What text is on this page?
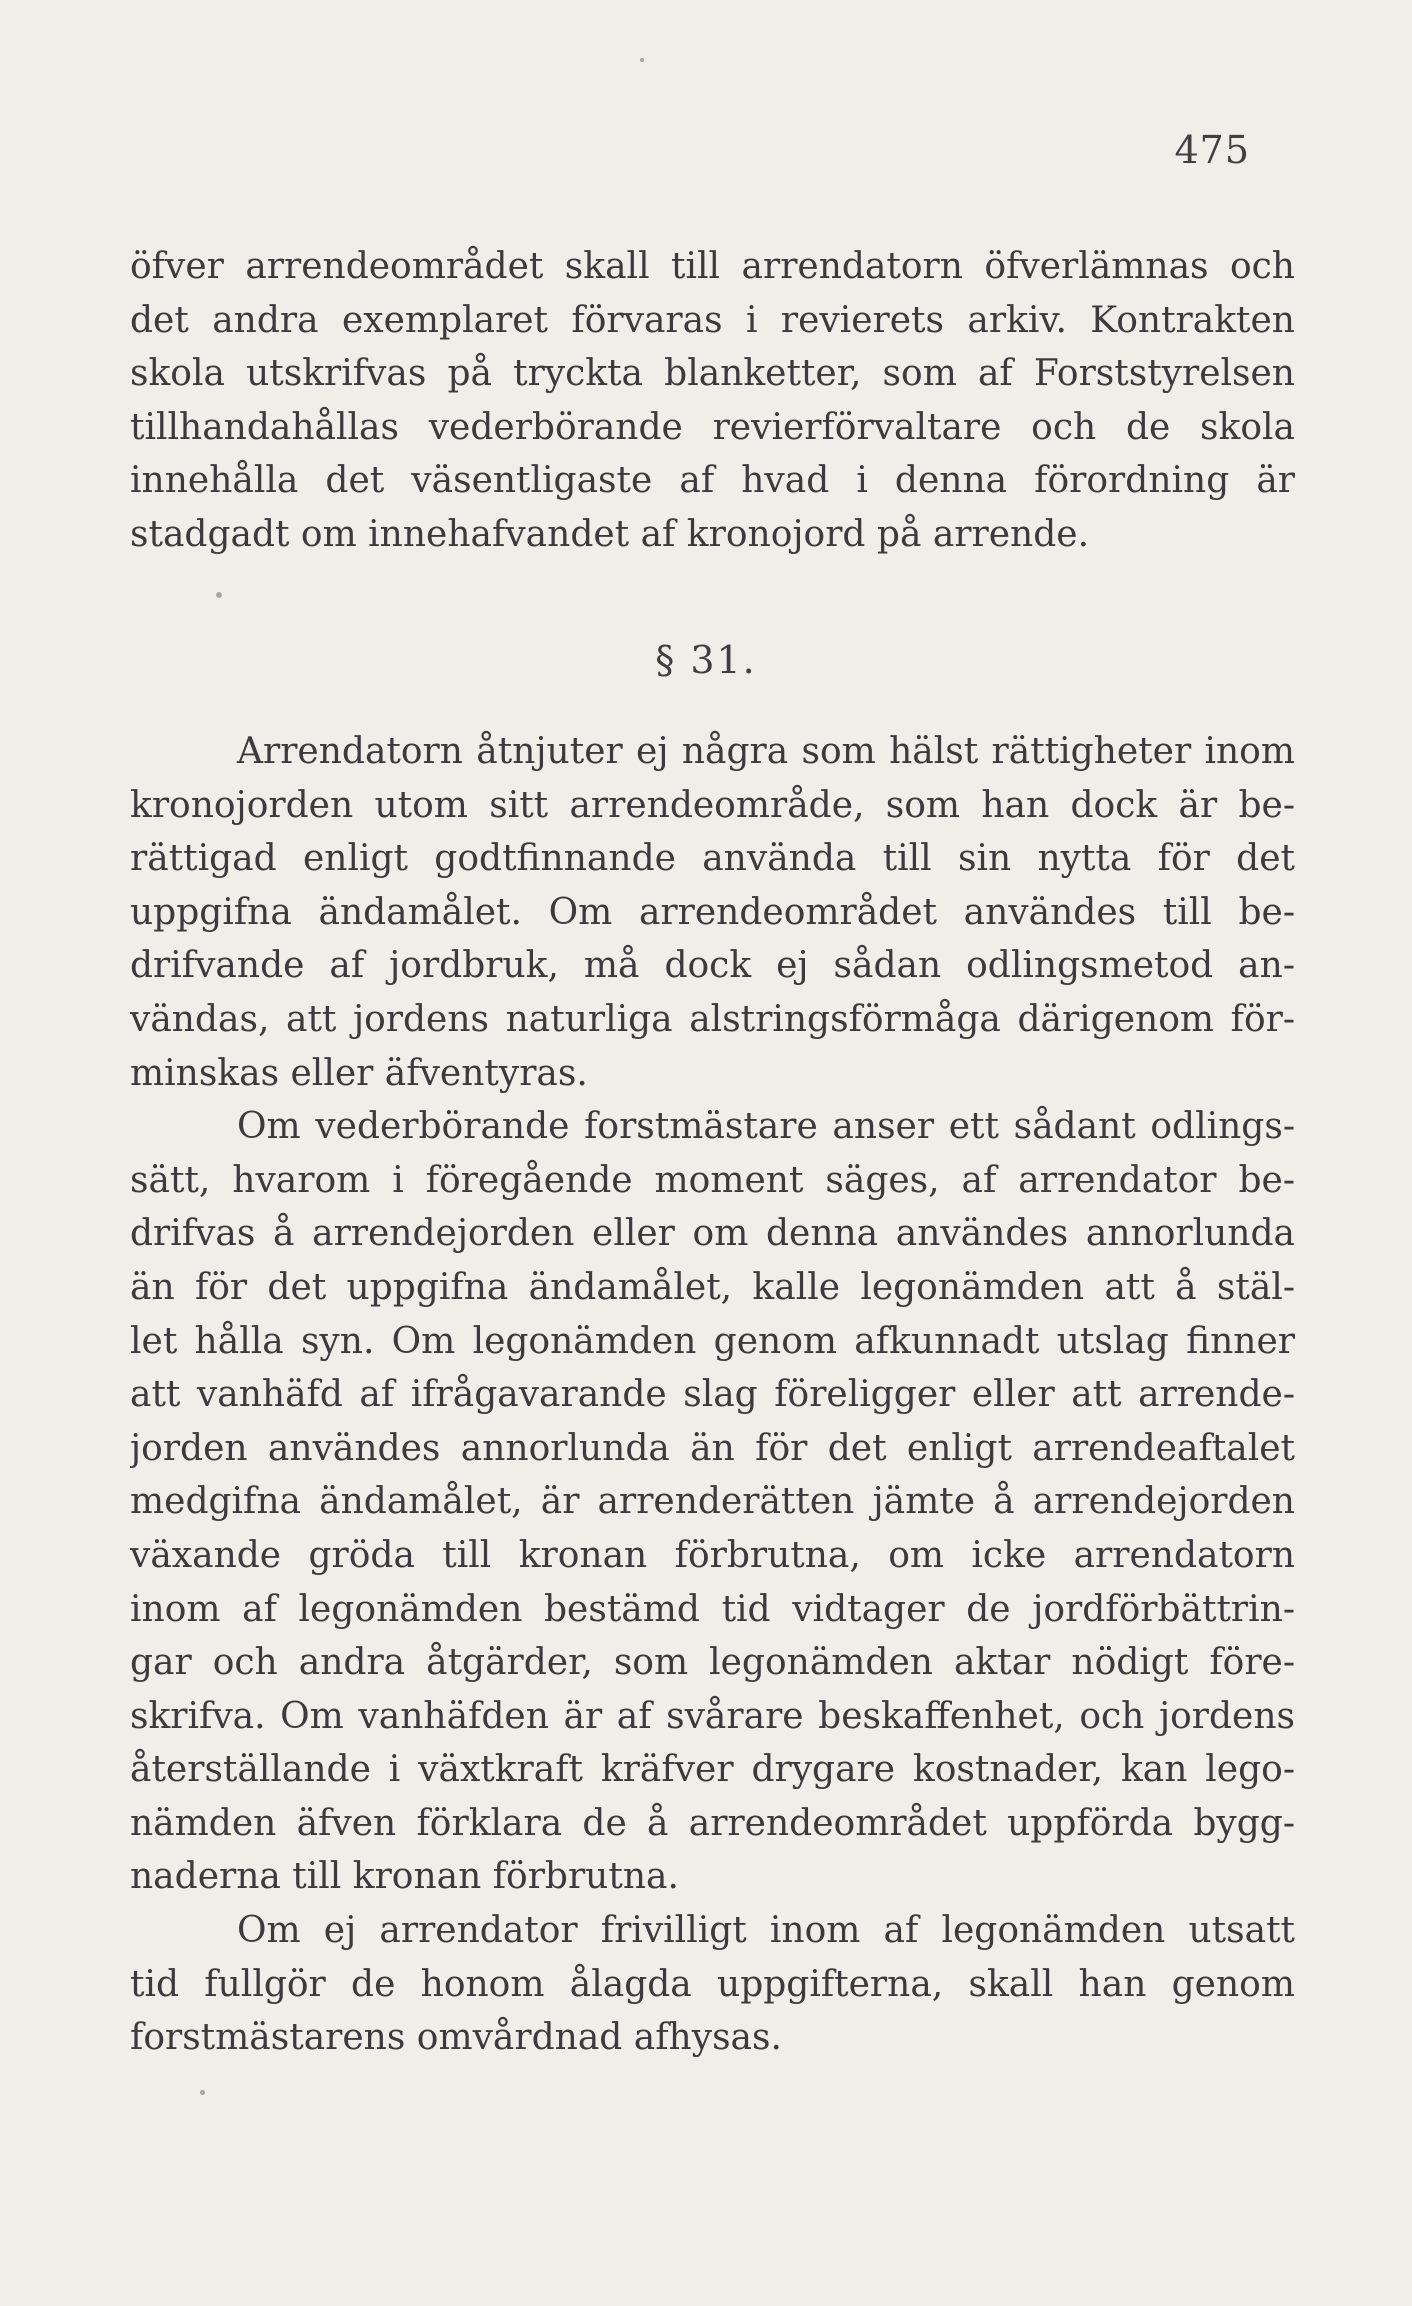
475
öfver arrendeområdet skall till arrendatorn öfverlämnas och
det andra exemplaret förvaras i revierets arkiv. Kontrakten
skola utskrifvas på tryckta blanketter, som af Forststyrelsen
tillhandahållas vederbörande revierförvaltare och de skola
innehålla det väsentligaste af hvad i denna förordning är
stadgadt om innehafvandet af kronojord på arrende.
§ 31.
Arrendatorn åtnjuter ej några som hälst rättigheter inom
kronojorden utom sitt arrendeområde, som han dock är be-
rättigad enligt godtfinnande använda till sin nytta för det
uppgifna ändamålet. Om arrendeområdet användes till be-
drifvande af jordbruk, må dock ej sådan odlingsmetod an-
vändas, att jordens naturliga alstringsförmåga därigenom för-
minskas eller äfventyras.
Om vederbörande forstmästare anser ett sådant odlings-
sätt, hvarom i föregående moment säges, af arrendator be-
drifvas å arrendejorden eller om denna användes annorlunda
än för det uppgifna ändamålet, kalle legonämden att å stäl-
let hålla syn. Om legonämden genom afkunnadt utslag finner
att vanhäfd af ifrågavarande slag föreligger eller att arrende-
jorden användes annorlunda än för det enligt arrendeaftalet
medgifna ändamålet, är arrenderätten jämte å arrendejorden
växande gröda till kronan förbrutna, om icke arrendatorn
inom af legonämden bestämd tid vidtager de jordförbättrin-
gar och andra åtgärder, som legonämden aktar nödigt före-
skrifva. Om vanhäfden är af svårare beskaffenhet, och jordens
återställande i växtkraft kräfver drygare kostnader, kan lego-
nämden äfven förklara de å arrendeområdet uppförda bygg-
naderna till kronan förbrutna.
Om ej arrendator frivilligt inom af legonämden utsatt
tid fullgör de honom ålagda uppgifterna, skall han genom
forstmästarens omvårdnad afhysas.
